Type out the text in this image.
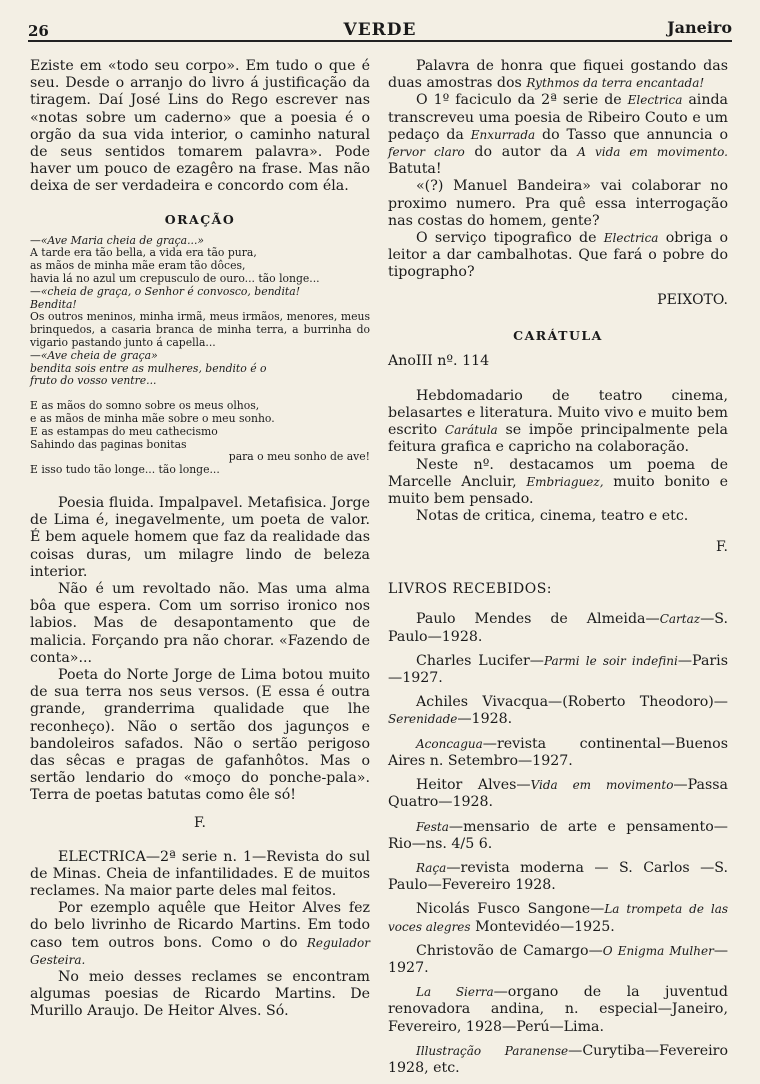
26	VERDE	Janeiro

Eziste em «todo seu corpo». Em tudo o que é seu. Desde o arranjo do livro á justificação da tiragem. Daí José Lins do Rego escrever nas «notas sobre um caderno» que a poesia é o orgão da sua vida interior, o caminho natural de seus sentidos tomarem palavra». Pode haver um pouco de ezagêro na frase. Mas não deixa de ser verdadeira e concordo com éla.

ORAÇÃO
—«Ave Maria cheia de graça...»
A tarde era tão bella, a vida era tão pura,
as mãos de minha mãe eram tão dôces,
havia lá no azul um crepusculo de ouro... tão longe...
—«cheia de graça, o Senhor é convosco, bendita!
Bendita!
Os outros meninos, minha irmã, meus irmãos, menores, meus brinquedos, a casaria branca de minha terra, a burrinha do vigario pastando junto á capella...
—«Ave cheia de graça»
bendita sois entre as mulheres, bendito é o
fruto do vosso ventre...
E as mãos do somno sobre os meus olhos,
e as mãos de minha mãe sobre o meu sonho.
E as estampas do meu cathecismo
Sahindo das paginas bonitas
para o meu sonho de ave!
E isso tudo tão longe... tão longe...

Poesia fluida. Impalpavel. Metafisica. Jorge de Lima é, inegavelmente, um poeta de valor. É bem aquele homem que faz da realidade das coisas duras, um milagre lindo de beleza interior.

Não é um revoltado não. Mas uma alma bôa que espera. Com um sorriso ironico nos labios. Mas de desapontamento que de malicia. Forçando pra não chorar. «Fazendo de conta»...

Poeta do Norte Jorge de Lima botou muito de sua terra nos seus versos. (E essa é outra grande, granderrima qualidade que lhe reconheço). Não o sertão dos jagunços e bandoleiros safados. Não o sertão perigoso das sêcas e pragas de gafanhôtos. Mas o sertão lendario do «moço do ponche-pala». Terra de poetas batutas como êle só!

F.

ELECTRICA—2ª serie n. 1—Revista do sul de Minas. Cheia de infantilidades. E de muitos reclames. Na maior parte deles mal feitos.

Por ezemplo aquêle que Heitor Alves fez do belo livrinho de Ricardo Martins. Em todo caso tem outros bons. Como o do Regulador Gesteira.

No meio desses reclames se encontram algumas poesias de Ricardo Martins. De Murillo Araujo. De Heitor Alves. Só.

Palavra de honra que fiquei gostando das duas amostras dos Rythmos da terra encantada!

O 1º faciculo da 2ª serie de Electrica ainda transcreveu uma poesia de Ribeiro Couto e um pedaço da Enxurrada do Tasso que annuncia o fervor claro do autor da A vida em movimento. Batuta!

«(?) Manuel Bandeira» vai colaborar no proximo numero. Pra quê essa interrogação nas costas do homem, gente?

O serviço tipografico de Electrica obriga o leitor a dar cambalhotas. Que fará o pobre do tipographo?

PEIXOTO.
CARÁTULA

AnoIII nº. 114

Hebdomadario de teatro cinema, belasartes e literatura. Muito vivo e muito bem escrito Carátula se impõe principalmente pela feitura grafica e capricho na colaboração.

Neste nº. destacamos um poema de Marcelle Ancluir, Embriaguez, muito bonito e muito bem pensado.

Notas de critica, cinema, teatro e etc.

F.
LIVROS RECEBIDOS:

Paulo Mendes de Almeida—Cartaz—S. Paulo—1928.

Charles Lucifer—Parmi le soir indefini—Paris—1927.

Achiles Vivacqua—(Roberto Theodoro)—Serenidade—1928.

Aconcagua—revista continental—Buenos Aires n. Setembro—1927.

Heitor Alves—Vida em movimento—Passa Quatro—1928.

Festa—mensario de arte e pensamento—Rio—ns. 4/5 6.

Raça—revista moderna — S. Carlos —S. Paulo—Fevereiro 1928.

Nicolás Fusco Sangone—La trompeta de las voces alegres Montevidéo—1925.

Christovão de Camargo—O Enigma Mulher—1927.

La Sierra—organo de la juventud renovadora andina, n. especial—Janeiro, Fevereiro, 1928—Perú—Lima.

Illustração Paranense—Curytiba—Fevereiro 1928, etc.
